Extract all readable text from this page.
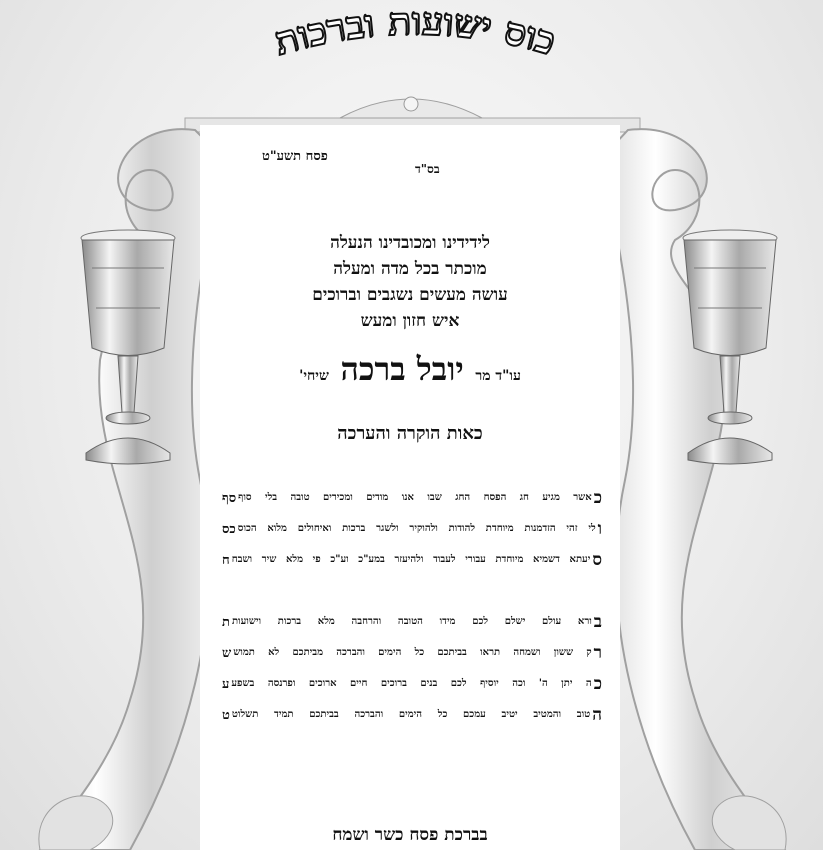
כוס ישועות וברכות
פסח תשע"ט
בס"ד
לידידינו ומכובדינו הנעלה
מוכתר בכל מדה ומעלה
עושה מעשים נשגבים וברוכים
איש חזון ומעש
עו"ד מר יובל ברכה שיחי'
כאות הוקרה והערכה
כ
אשר מגיע חג הפסח החג שבו אנו מודים ומכירים טובה בלי סוף
סף
ו
לי זהי הזדמנות מיוחדת להודות ולהוקיר ולשגר ברכות ואיחולים מלוא הכוס
כס
ס
יעתא דשמיא מיוחדת עבורי לעבוד ולהיעזר במע"כ וע"כ פי מלא שיר ושבח
ח
ב
ורא עולם ישלם לכם מידו הטובה והרחבה מלא ברכות וישועות
ת
ר
ק ששון ושמחה תראו בביתכם כל הימים והברכה מביתכם לא תמוש
ש
כ
ה יתן ה' וכה יוסיף לכם בנים ברוכים חיים ארוכים ופרנסה בשפע
ע
ה
טוב והמטיב יטיב עמכם כל הימים והברכה בביתכם תמיד תשלוט
ט
בברכת פסח כשר ושמח
